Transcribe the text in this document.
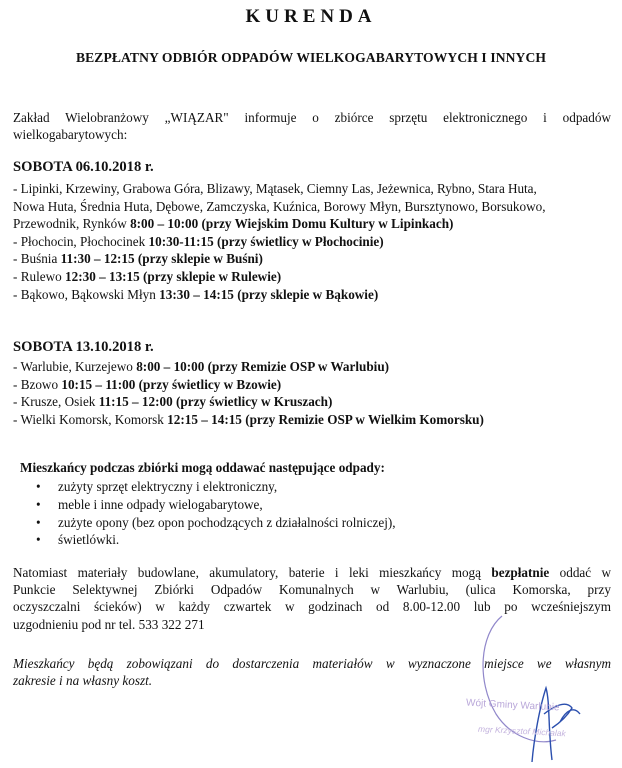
KURENDA
BEZPŁATNY ODBIÓR ODPADÓW WIELKOGABARYTOWYCH I INNYCH
Zakład Wielobranżowy „WIĄZAR" informuje o zbiórce sprzętu elektronicznego i odpadów
wielkogabarytowych:
SOBOTA 06.10.2018 r.
- Lipinki, Krzewiny, Grabowa Góra, Blizawy, Mątasek, Ciemny Las, Jeżewnica, Rybno, Stara Huta,
Nowa Huta, Średnia Huta, Dębowe, Zamczyska, Kuźnica, Borowy Młyn, Bursztynowo, Borsukowo,
Przewodnik, Rynków 8:00 – 10:00 (przy Wiejskim Domu Kultury w Lipinkach)
- Płochocin, Płochocinek 10:30-11:15 (przy świetlicy w Płochocinie)
- Buśnia 11:30 – 12:15 (przy sklepie w Buśni)
- Rulewo 12:30 – 13:15 (przy sklepie w Rulewie)
- Bąkowo, Bąkowski Młyn 13:30 – 14:15 (przy sklepie w Bąkowie)
SOBOTA 13.10.2018 r.
- Warlubie, Kurzejewo 8:00 – 10:00 (przy Remizie OSP w Warlubiu)
- Bzowo 10:15 – 11:00 (przy świetlicy w Bzowie)
- Krusze, Osiek 11:15 – 12:00 (przy świetlicy w Kruszach)
- Wielki Komorsk, Komorsk 12:15 – 14:15 (przy Remizie OSP w Wielkim Komorsku)
Mieszkańcy podczas zbiórki mogą oddawać następujące odpady:
• zużyty sprzęt elektryczny i elektroniczny,
• meble i inne odpady wielogabarytowe,
• zużyte opony (bez opon pochodzących z działalności rolniczej),
• świetlówki.
Natomiast materiały budowlane, akumulatory, baterie i leki mieszkańcy mogą bezpłatnie oddać w
Punkcie Selektywnej Zbiórki Odpadów Komunalnych w Warlubiu, (ulica Komorska, przy
oczyszczalni ścieków) w każdy czwartek w godzinach od 8.00-12.00 lub po wcześniejszym
uzgodnieniu pod nr tel. 533 322 271
Mieszkańcy będą zobowiązani do dostarczenia materiałów w wyznaczone miejsce we własnym
zakresie i na własny koszt.
Wójt Gminy Warlubie
mgr Krzysztof Michalak
